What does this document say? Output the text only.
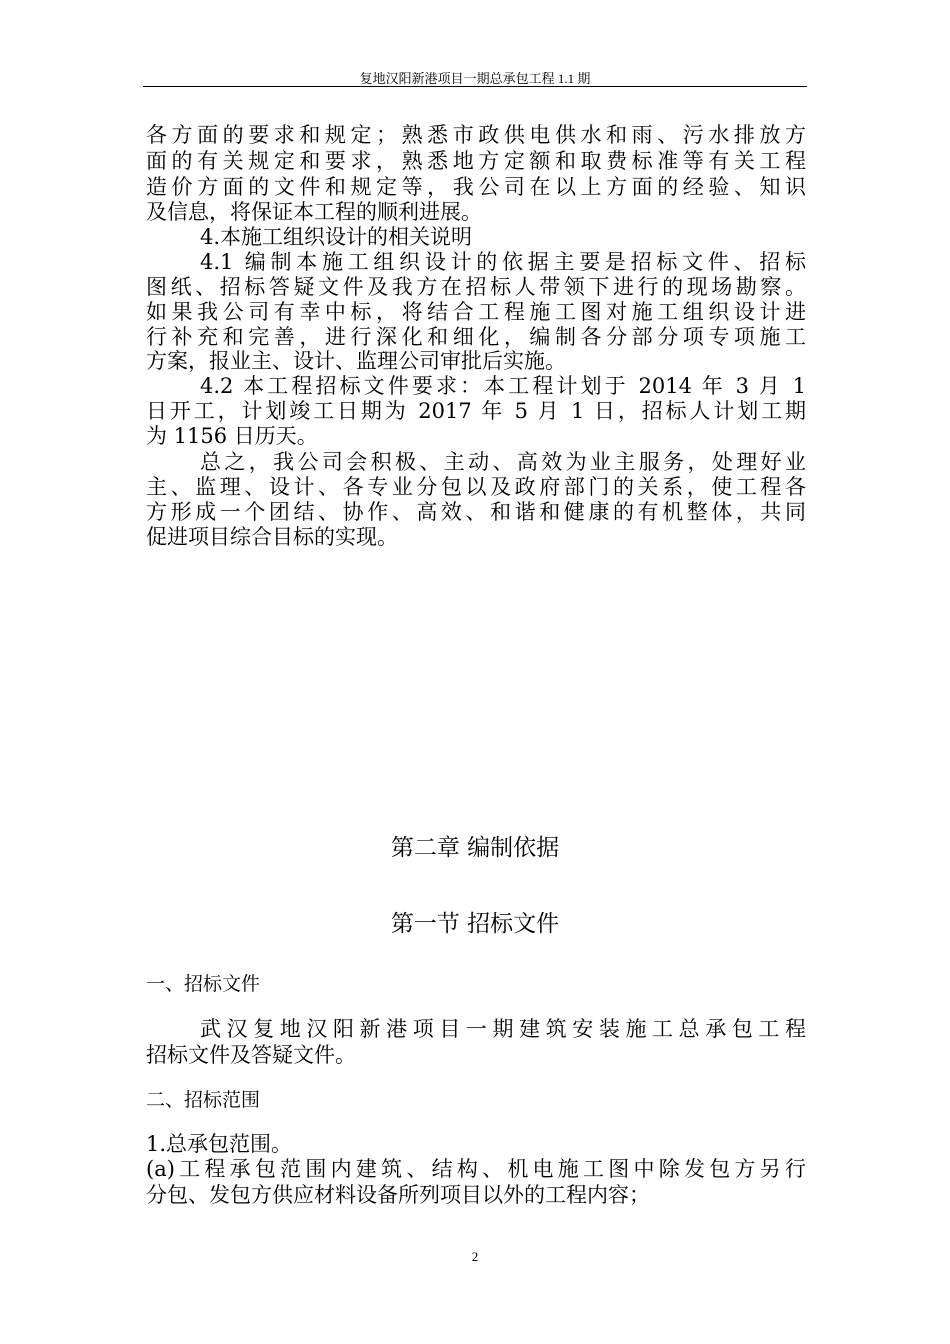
复地汉阳新港项目一期总承包工程 1.1 期
各方面的要求和规定；熟悉市政供电供水和雨、污水排放方
面的有关规定和要求，熟悉地方定额和取费标准等有关工程
造价方面的文件和规定等，我公司在以上方面的经验、知识
及信息，将保证本工程的顺利进展。
4.本施工组织设计的相关说明
4.1 编制本施工组织设计的依据主要是招标文件、招标
图纸、招标答疑文件及我方在招标人带领下进行的现场勘察。
如果我公司有幸中标，将结合工程施工图对施工组织设计进
行补充和完善，进行深化和细化，编制各分部分项专项施工
方案，报业主、设计、监理公司审批后实施。
4.2 本工程招标文件要求：本工程计划于 2014 年 3 月 1
日开工，计划竣工日期为 2017 年 5 月 1 日，招标人计划工期
为 1156 日历天。
总之，我公司会积极、主动、高效为业主服务，处理好业
主、监理、设计、各专业分包以及政府部门的关系，使工程各
方形成一个团结、协作、高效、和谐和健康的有机整体，共同
促进项目综合目标的实现。
第二章 编制依据
第一节 招标文件
一、招标文件
武汉复地汉阳新港项目一期建筑安装施工总承包工程
招标文件及答疑文件。
二、招标范围
1.总承包范围。
(a)工程承包范围内建筑、结构、机电施工图中除发包方另行
分包、发包方供应材料设备所列项目以外的工程内容；
2
